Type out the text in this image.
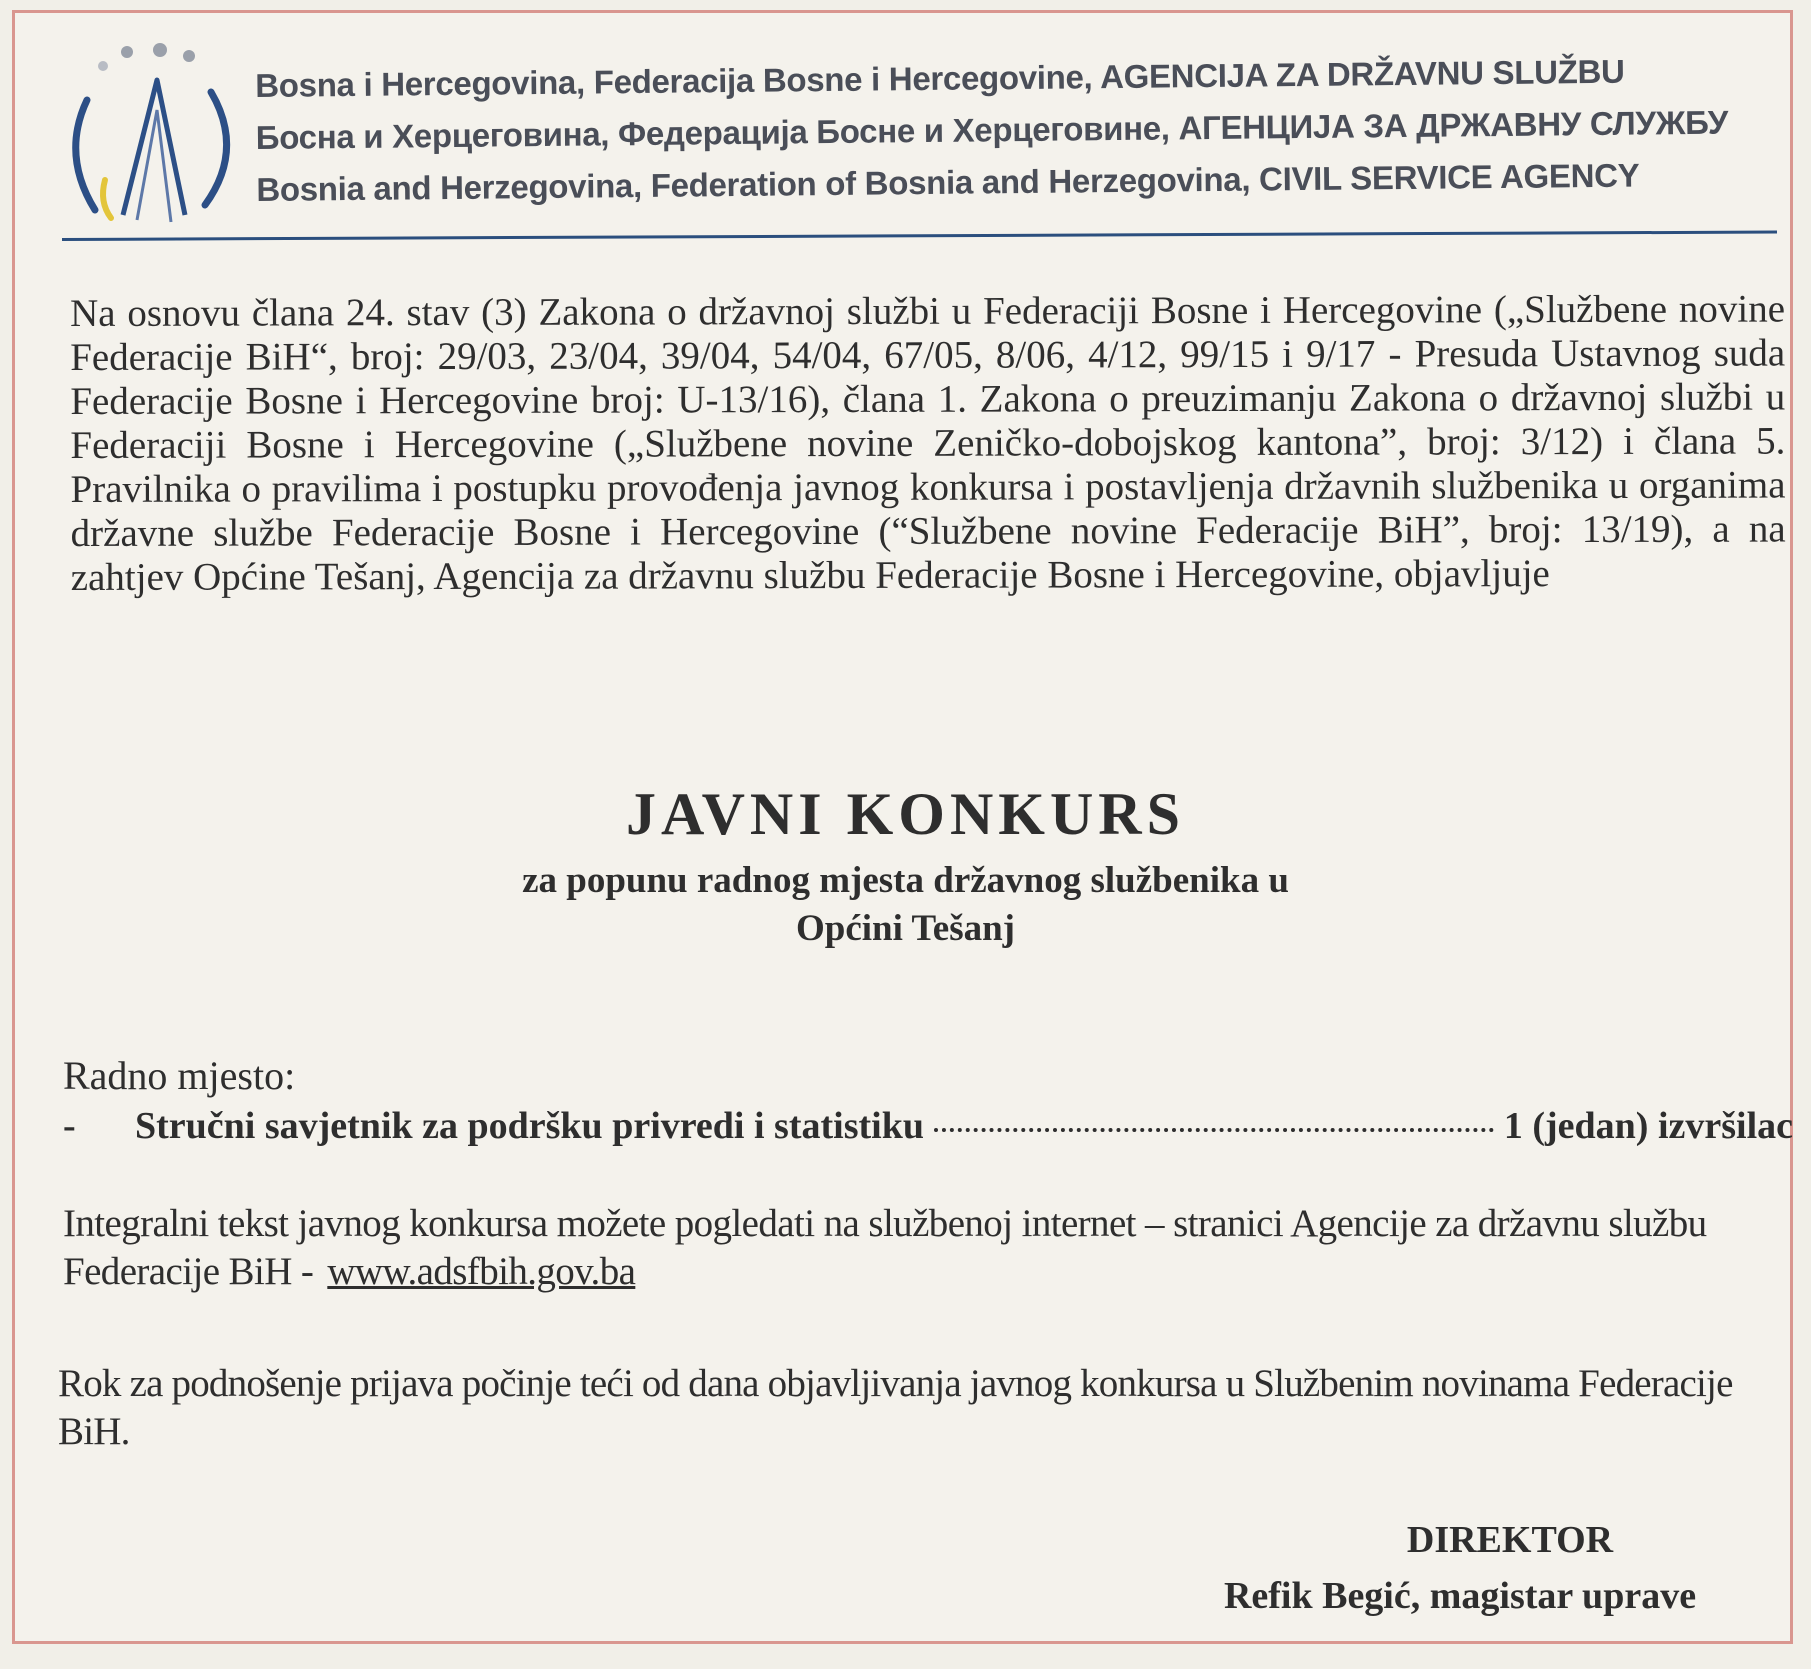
Bosna i Hercegovina, Federacija Bosne i Hercegovine, AGENCIJA ZA DRŽAVNU SLUŽBU
Босна и Херцеговина, Федерација Босне и Херцеговине, АГЕНЦИЈА ЗА ДРЖАВНУ СЛУЖБУ
Bosnia and Herzegovina, Federation of Bosnia and Herzegovina, CIVIL SERVICE AGENCY
Na osnovu člana 24. stav (3) Zakona o državnoj službi u Federaciji Bosne i Hercegovine („Službene novine Federacije BiH“, broj: 29/03, 23/04, 39/04, 54/04, 67/05, 8/06, 4/12, 99/15 i 9/17 - Presuda Ustavnog suda Federacije Bosne i Hercegovine broj: U-13/16), člana 1. Zakona o preuzimanju Zakona o državnoj službi u Federaciji Bosne i Hercegovine („Službene novine Zeničko-dobojskog kantona”, broj: 3/12) i člana 5. Pravilnika o pravilima i postupku provođenja javnog konkursa i postavljenja državnih službenika u organima državne službe Federacije Bosne i Hercegovine (“Službene novine Federacije BiH”, broj: 13/19), a na zahtjev Općine Tešanj, Agencija za državnu službu Federacije Bosne i Hercegovine, objavljuje
JAVNI KONKURS
za popunu radnog mjesta državnog službenika u
Općini Tešanj
Radno mjesto:
-	Stručni savjetnik za podršku privredi i statistiku	1 (jedan) izvršilac
Integralni tekst javnog konkursa možete pogledati na službenoj internet – stranici Agencije za državnu službu Federacije BiH - www.adsfbih.gov.ba
Rok za podnošenje prijava počinje teći od dana objavljivanja javnog konkursa u Službenim novinama Federacije BiH.
DIREKTOR
Refik Begić, magistar uprave
